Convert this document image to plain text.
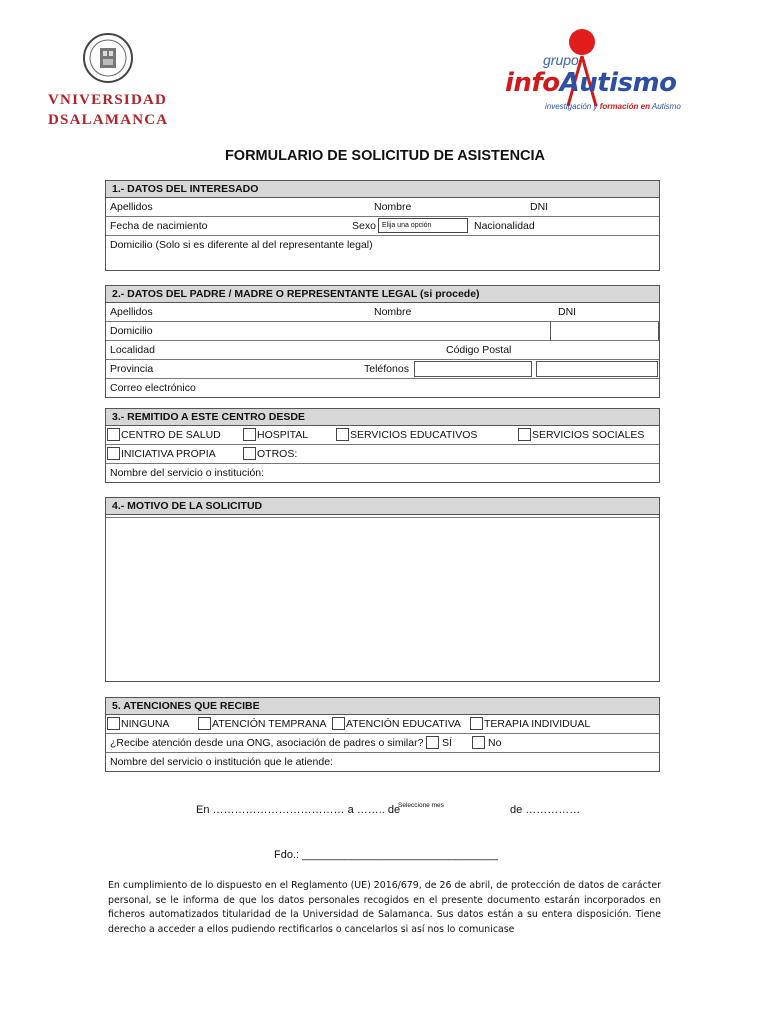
VNIVERSIDAD
DSALAMANCA
grupo
infoAutismo
investigación y formación en Autismo
FORMULARIO DE SOLICITUD DE ASISTENCIA
1.- DATOS DEL INTERESADO
Apellidos	Nombre	DNI
Fecha de nacimiento	Sexo Elija una opción	Nacionalidad
Domicilio (Solo si es diferente al del representante legal)
2.- DATOS DEL PADRE / MADRE O REPRESENTANTE LEGAL (si procede)
Apellidos	Nombre	DNI
Domicilio
Localidad	Código Postal
Provincia	Teléfonos
Correo electrónico
3.- REMITIDO A ESTE CENTRO DESDE
CENTRO DE SALUD	HOSPITAL	SERVICIOS EDUCATIVOS	SERVICIOS SOCIALES
INICIATIVA PROPIA	OTROS:
Nombre del servicio o institución:
4.- MOTIVO DE LA SOLICITUD
5. ATENCIONES QUE RECIBE
NINGUNA	ATENCIÓN TEMPRANA ATENCIÓN EDUCATIVA TERAPIA INDIVIDUAL
¿Recibe atención desde una ONG, asociación de padres o similar? SÍ	No
Nombre del servicio o institución que le atiende:
En ……………………………… a …….. de
Seleccione mes	de ……………
Fdo.: ________________________________
En cumplimiento de lo dispuesto en el Reglamento (UE) 2016/679, de 26 de abril, de protección de datos de carácter personal, se le informa de que los datos personales recogidos en el presente documento estarán incorporados en ficheros automatizados titularidad de la Universidad de Salamanca. Sus datos están a su entera disposición. Tiene derecho a acceder a ellos pudiendo rectificarlos o cancelarlos si así nos lo comunicase
